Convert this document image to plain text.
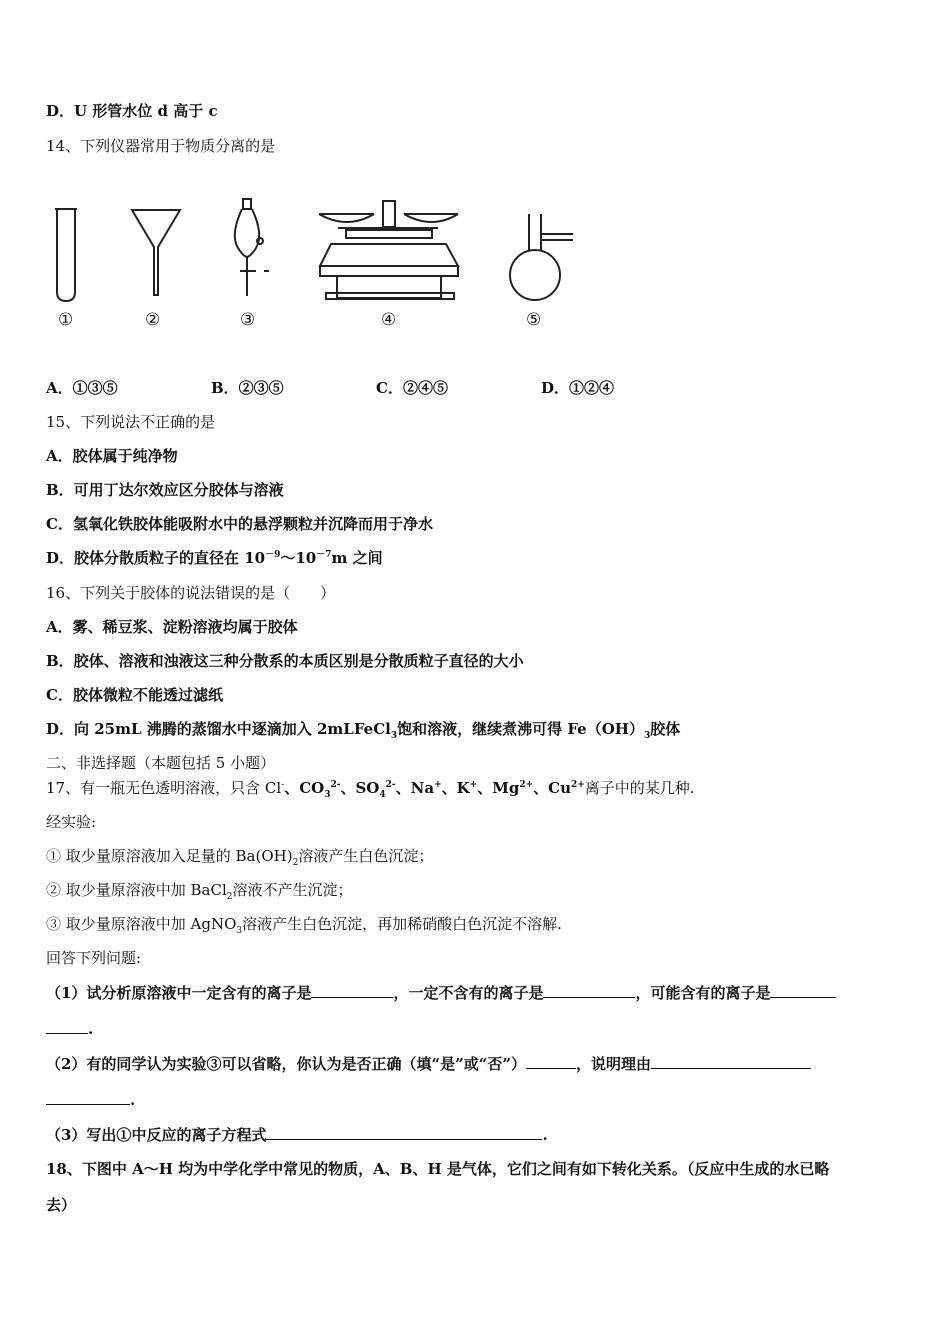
D．U 形管水位 d 高于 c
14、下列仪器常用于物质分离的是
①	②	③	④	⑤
A．①③⑤	B．②③⑤	C．②④⑤	D．①②④
15、下列说法不正确的是
A．胶体属于纯净物
B．可用丁达尔效应区分胶体与溶液
C．氢氧化铁胶体能吸附水中的悬浮颗粒并沉降而用于净水
D．胶体分散质粒子的直径在 $10^{-9}\sim 10^{-7}m$ 之间
16、下列关于胶体的说法错误的是（　　）
A．雾、稀豆浆、淀粉溶液均属于胶体
B．胶体、溶液和浊液这三种分散系的本质区别是分散质粒子直径的大小
C．胶体微粒不能透过滤纸
D．向 25mL 沸腾的蒸馏水中逐滴加入 2mLFeCl$_3$饱和溶液，继续煮沸可得 $Fe(OH)_3$胶体
二、非选择题（本题包括 5 小题）
17、有一瓶无色透明溶液，只含 Cl-、$CO_3^{2-}$、$SO_4^{2-}$、Na+、K+、$Mg^{2+}$、$Cu^{2+}$离子中的某几种.
经实验:
① 取少量原溶液加入足量的 $Ba(OH)_2$溶液产生白色沉淀；
② 取少量原溶液中加 BaCl$_2$溶液不产生沉淀；
③ 取少量原溶液中加 AgNO$_3$溶液产生白色沉淀，再加稀硝酸白色沉淀不溶解.
回答下列问题:
（1）试分析原溶液中一定含有的离子是	，一定不含有的离子是	，可能含有的离子是
.
（2）有的同学认为实验③可以省略，你认为是否正确（填“是”或“否”）	，说明理由
.
（3）写出①中反应的离子方程式	.
18、下图中 A～H 均为中学化学中常见的物质，A、B、H 是气体，它们之间有如下转化关系。（反应中生成的水已略
去）
